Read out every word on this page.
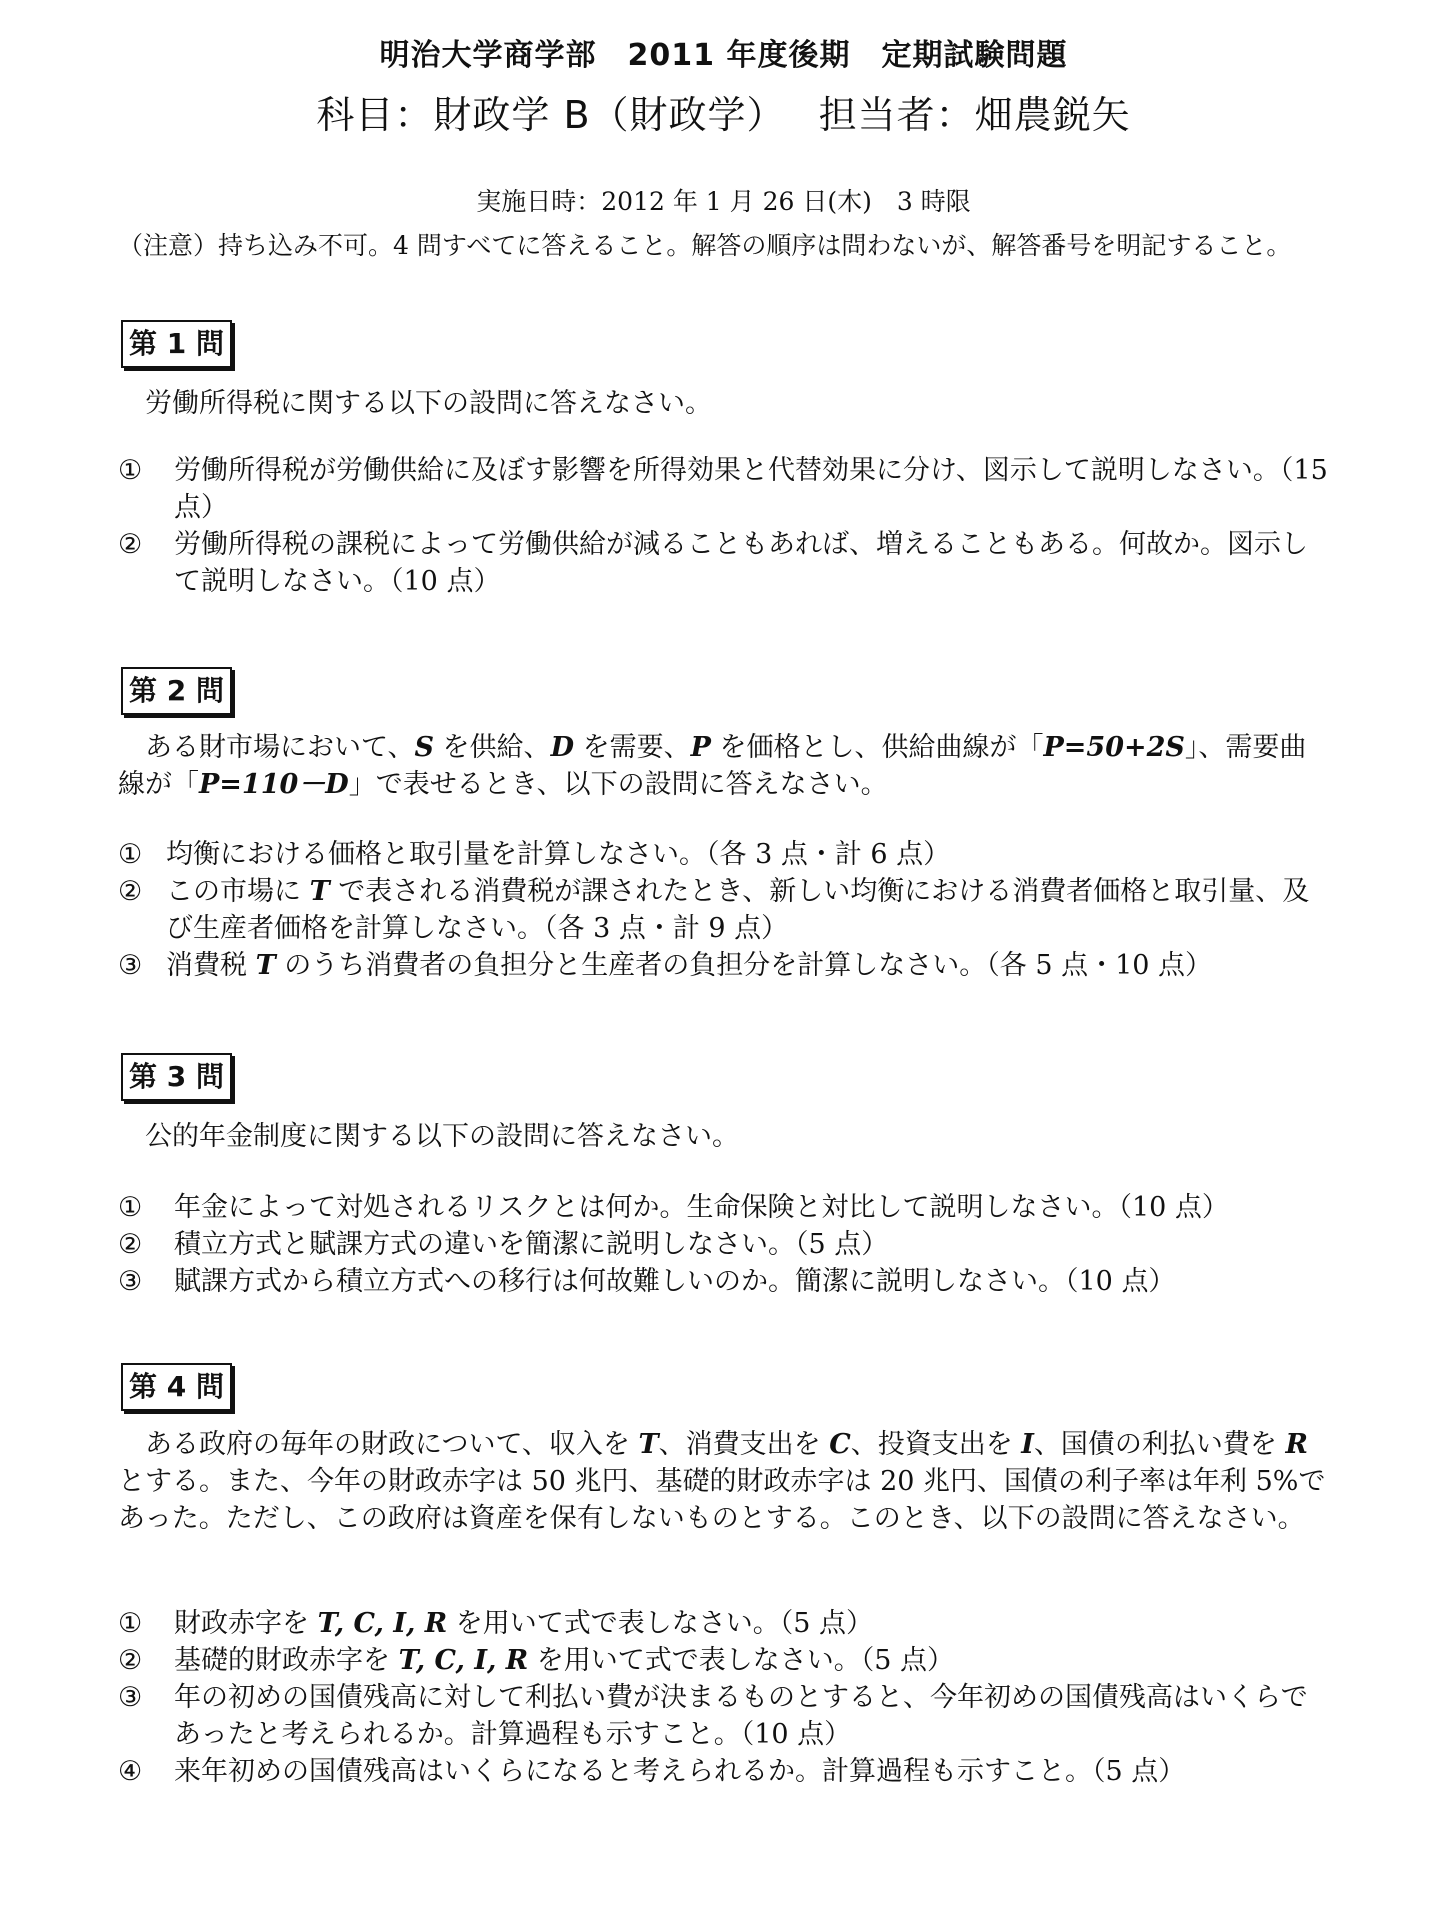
明治大学商学部　2011 年度後期　定期試験問題
科目：財政学 B（財政学）　 担当者：畑農鋭矢
実施日時：2012 年 1 月 26 日(木)　3 時限
（注意）持ち込み不可。4 問すべてに答えること。解答の順序は問わないが、解答番号を明記すること。
第 1 問
　労働所得税に関する以下の設問に答えなさい。
①	労働所得税が労働供給に及ぼす影響を所得効果と代替効果に分け、図示して説明しなさい。（15 点）
②	労働所得税の課税によって労働供給が減ることもあれば、増えることもある。何故か。図示して説明しなさい。（10 点）
第 2 問
　ある財市場において、S を供給、D を需要、P を価格とし、供給曲線が「P=50+2S」、需要曲線が「P=110－D」で表せるとき、以下の設問に答えなさい。
① 均衡における価格と取引量を計算しなさい。（各 3 点・計 6 点）
② この市場に T で表される消費税が課されたとき、新しい均衡における消費者価格と取引量、及び生産者価格を計算しなさい。（各 3 点・計 9 点）
③ 消費税 T のうち消費者の負担分と生産者の負担分を計算しなさい。（各 5 点・10 点）
第 3 問
　公的年金制度に関する以下の設問に答えなさい。
①	年金によって対処されるリスクとは何か。生命保険と対比して説明しなさい。（10 点）
②	積立方式と賦課方式の違いを簡潔に説明しなさい。（5 点）
③	賦課方式から積立方式への移行は何故難しいのか。簡潔に説明しなさい。（10 点）
第 4 問
　ある政府の毎年の財政について、収入を T、消費支出を C、投資支出を I、国債の利払い費を R とする。また、今年の財政赤字は 50 兆円、基礎的財政赤字は 20 兆円、国債の利子率は年利 5%であった。ただし、この政府は資産を保有しないものとする。このとき、以下の設問に答えなさい。
①	財政赤字を T, C, I, R を用いて式で表しなさい。（5 点）
②	基礎的財政赤字を T, C, I, R を用いて式で表しなさい。（5 点）
③	年の初めの国債残高に対して利払い費が決まるものとすると、今年初めの国債残高はいくらであったと考えられるか。計算過程も示すこと。（10 点）
④	来年初めの国債残高はいくらになると考えられるか。計算過程も示すこと。（5 点）
